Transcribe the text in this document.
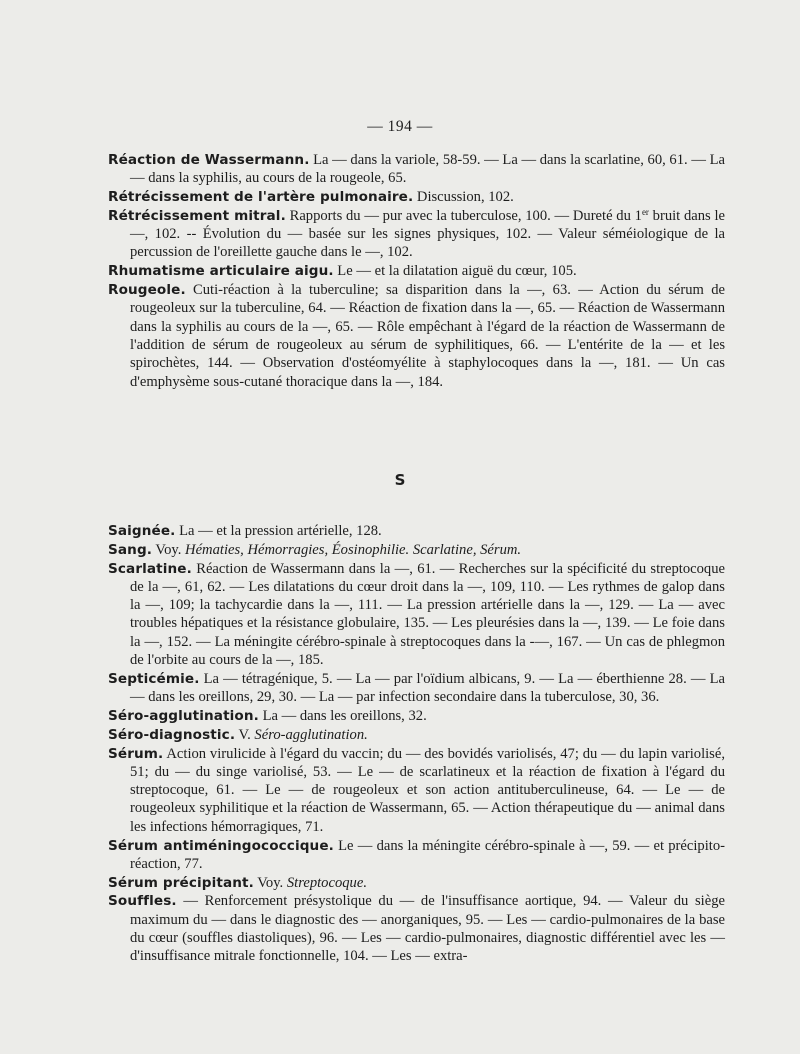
— 194 —
Réaction de Wassermann. La — dans la variole, 58-59. — La — dans la scarlatine, 60, 61. — La — dans la syphilis, au cours de la rougeole, 65.
Rétrécissement de l'artère pulmonaire. Discussion, 102.
Rétrécissement mitral. Rapports du — pur avec la tuberculose, 100. — Dureté du 1er bruit dans le —, 102. -- Évolution du — basée sur les signes physiques, 102. — Valeur séméiologique de la percussion de l'oreillette gauche dans le —, 102.
Rhumatisme articulaire aigu. Le — et la dilatation aiguë du cœur, 105.
Rougeole. Cuti-réaction à la tuberculine; sa disparition dans la —, 63. — Action du sérum de rougeoleux sur la tuberculine, 64. — Réaction de fixation dans la —, 65. — Réaction de Wassermann dans la syphilis au cours de la —, 65. — Rôle empêchant à l'égard de la réaction de Wassermann de l'addition de sérum de rougeoleux au sérum de syphilitiques, 66. — L'entérite de la — et les spirochètes, 144. — Observation d'ostéomyélite à staphylocoques dans la —, 181. — Un cas d'emphysème sous-cutané thoracique dans la —, 184.
S
Saignée. La — et la pression artérielle, 128.
Sang. Voy. Hématies, Hémorragies, Éosinophilie. Scarlatine, Sérum.
Scarlatine. Réaction de Wassermann dans la —, 61. — Recherches sur la spécificité du streptocoque de la —, 61, 62. — Les dilatations du cœur droit dans la —, 109, 110. — Les rythmes de galop dans la —, 109; la tachycardie dans la —, 111. — La pression artérielle dans la —, 129. — La — avec troubles hépatiques et la résistance globulaire, 135. — Les pleurésies dans la —, 139. — Le foie dans la —, 152. — La méningite cérébro-spinale à streptocoques dans la -—, 167. — Un cas de phlegmon de l'orbite au cours de la —, 185.
Septicémie. La — tétragénique, 5. — La — par l'oïdium albicans, 9. — La — éberthienne 28. — La — dans les oreillons, 29, 30. — La — par infection secondaire dans la tuberculose, 30, 36.
Séro-agglutination. La — dans les oreillons, 32.
Séro-diagnostic. V. Séro-agglutination.
Sérum. Action virulicide à l'égard du vaccin; du — des bovidés variolisés, 47; du — du lapin variolisé, 51; du — du singe variolisé, 53. — Le — de scarlatineux et la réaction de fixation à l'égard du streptocoque, 61. — Le — de rougeoleux et son action antituberculineuse, 64. — Le — de rougeoleux syphilitique et la réaction de Wassermann, 65. — Action thérapeutique du — animal dans les infections hémorragiques, 71.
Sérum antiméningococcique. Le — dans la méningite cérébro-spinale à —, 59. — et précipito-réaction, 77.
Sérum précipitant. Voy. Streptocoque.
Souffles. — Renforcement présystolique du — de l'insuffisance aortique, 94. — Valeur du siège maximum du — dans le diagnostic des — anorganiques, 95. — Les — cardio-pulmonaires de la base du cœur (souffles diastoliques), 96. — Les — cardio-pulmonaires, diagnostic différentiel avec les — d'insuffisance mitrale fonctionnelle, 104. — Les — extra-
